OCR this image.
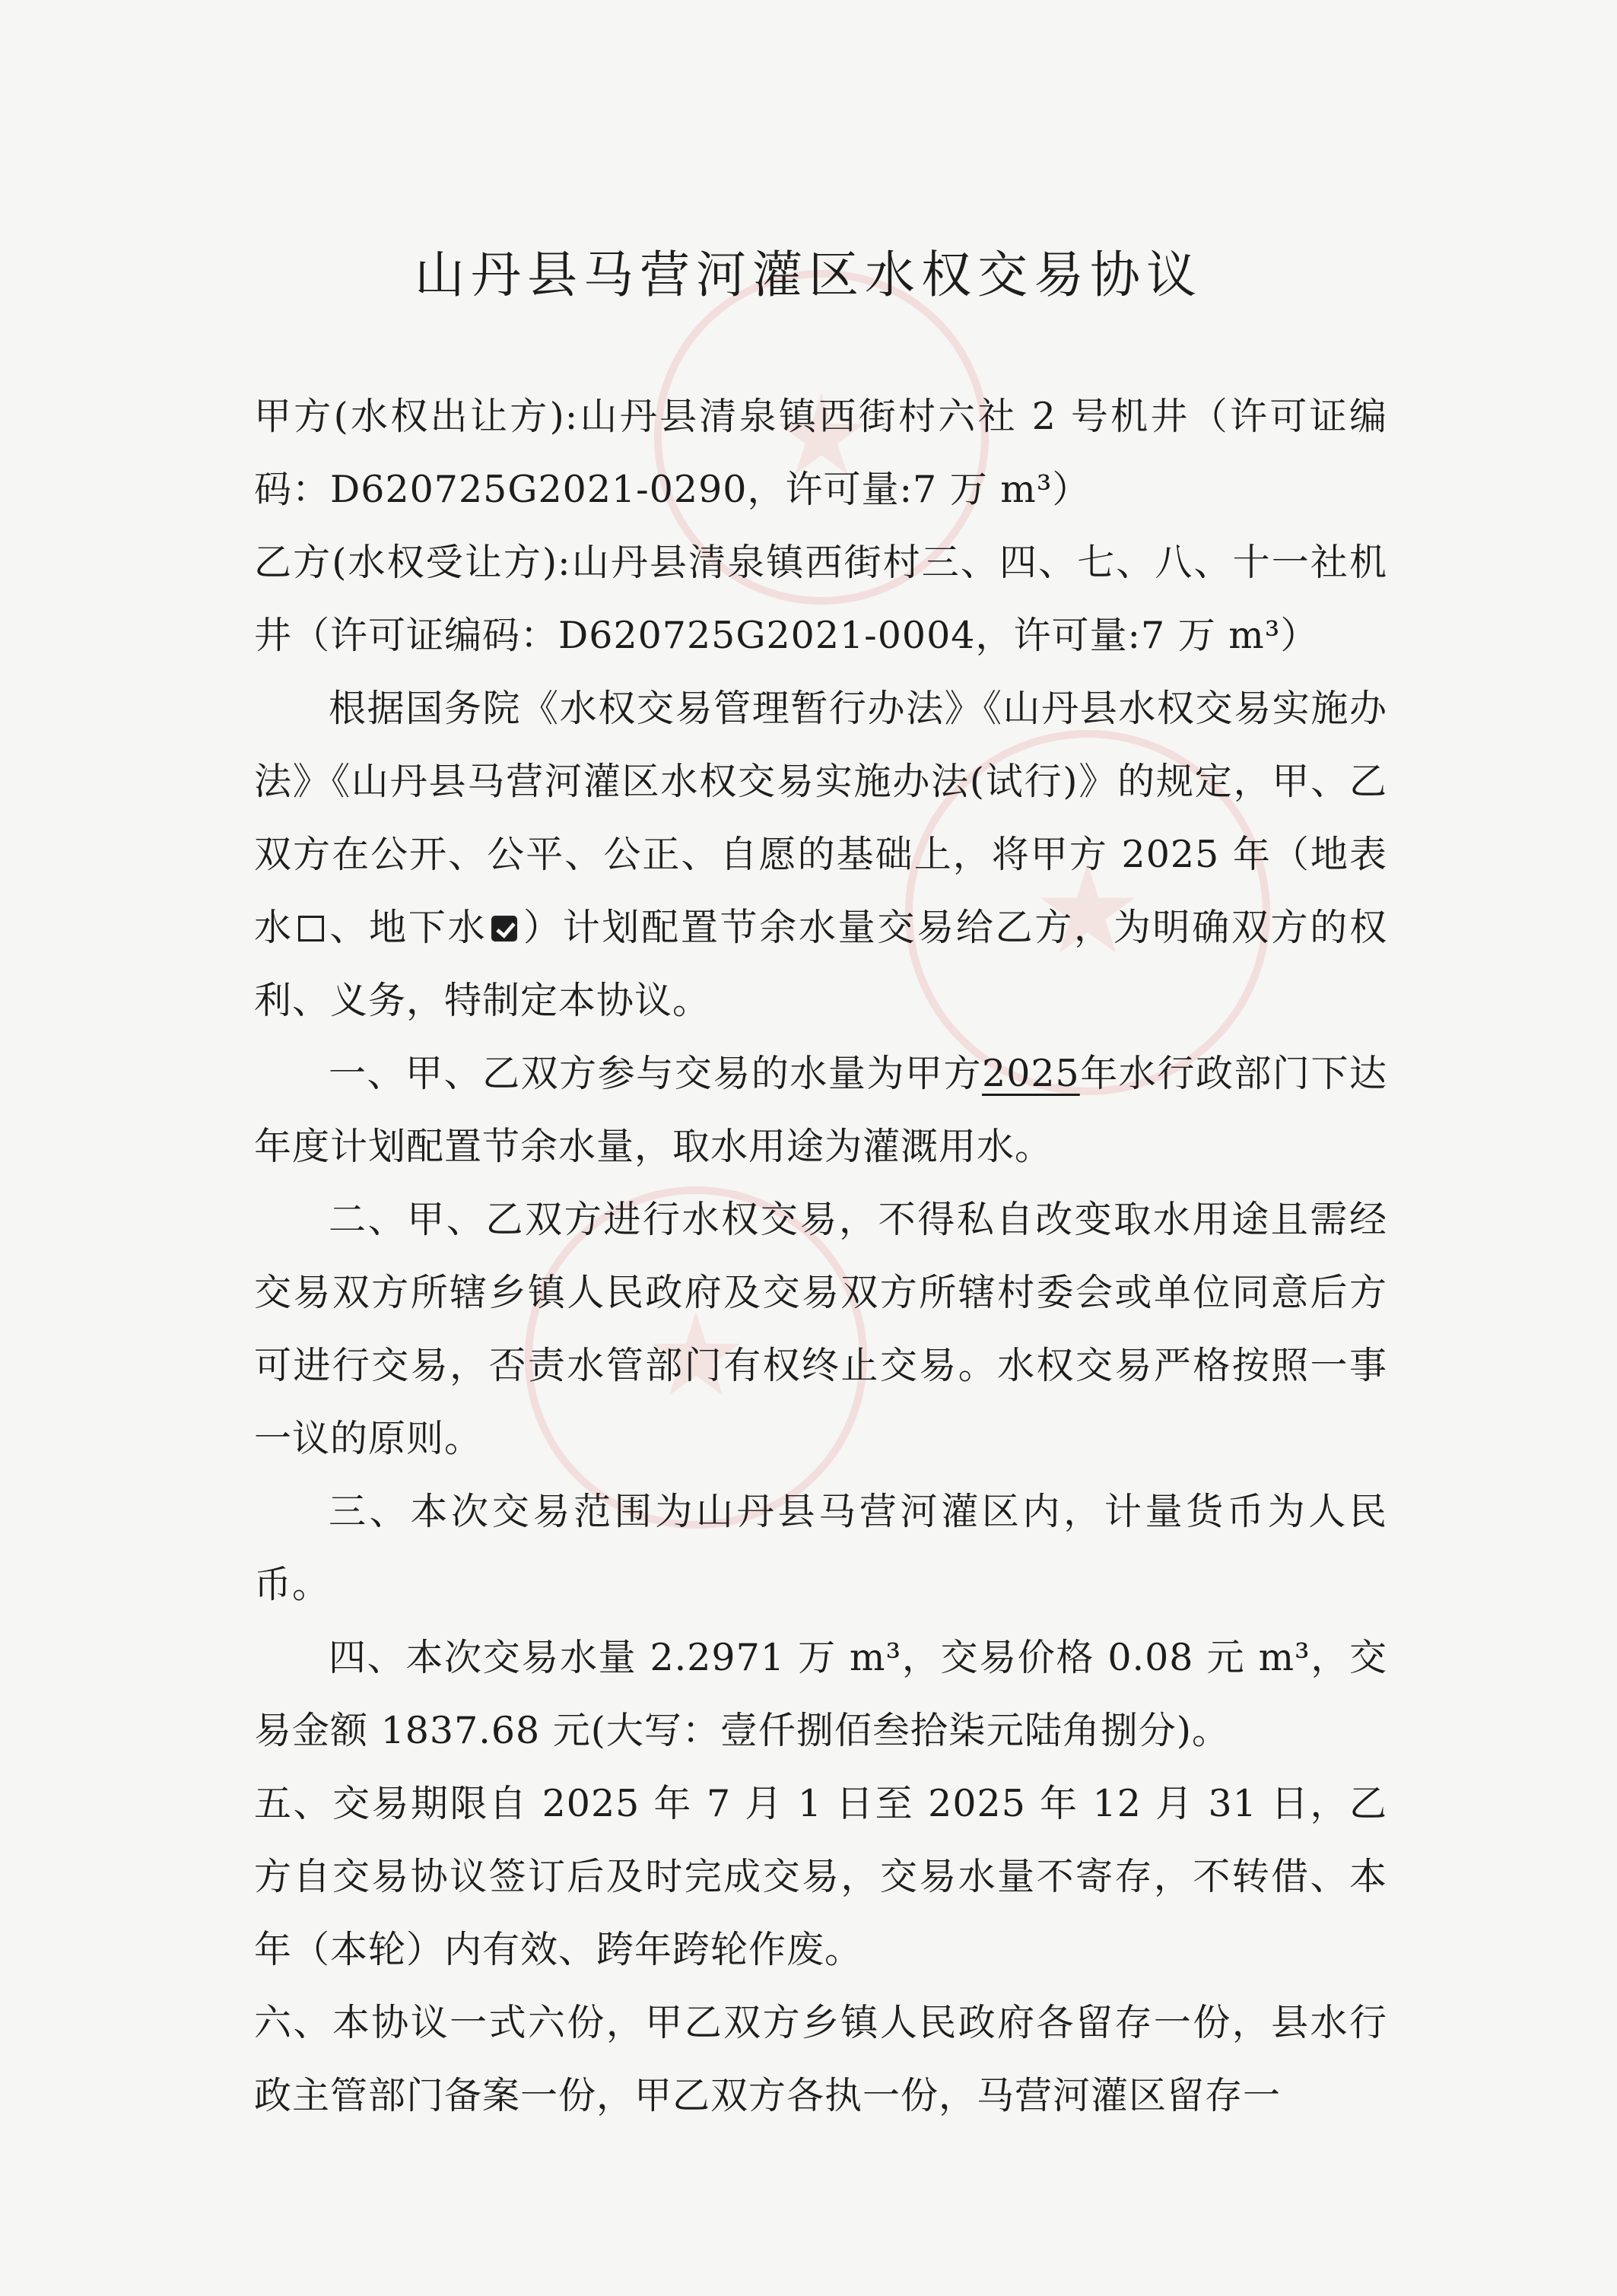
山丹县马营河灌区水权交易协议

甲方(水权出让方):山丹县清泉镇西街村六社 2 号机井（许可证编码：D620725G2021-0290，许可量:7 万 m³）

乙方(水权受让方):山丹县清泉镇西街村三、四、七、八、十一社机井（许可证编码：D620725G2021-0004，许可量:7 万 m³）

根据国务院《水权交易管理暂行办法》《山丹县水权交易实施办法》《山丹县马营河灌区水权交易实施办法(试行)》的规定，甲、乙双方在公开、公平、公正、自愿的基础上，将甲方 2025 年（地表水 、地下水 ）计划配置节余水量交易给乙方，为明确双方的权利、义务，特制定本协议。

一、甲、乙双方参与交易的水量为甲方2025年水行政部门下达年度计划配置节余水量，取水用途为灌溉用水。

二、甲、乙双方进行水权交易，不得私自改变取水用途且需经交易双方所辖乡镇人民政府及交易双方所辖村委会或单位同意后方可进行交易，否责水管部门有权终止交易。水权交易严格按照一事一议的原则。

三、本次交易范围为山丹县马营河灌区内，计量货币为人民币。

四、本次交易水量 2.2971 万 m³，交易价格 0.08 元 m³，交易金额 1837.68 元(大写：壹仟捌佰叁拾柒元陆角捌分)。

五、交易期限自 2025 年 7 月 1 日至 2025 年 12 月 31 日，乙方自交易协议签订后及时完成交易，交易水量不寄存，不转借、本年（本轮）内有效、跨年跨轮作废。

六、本协议一式六份，甲乙双方乡镇人民政府各留存一份，县水行政主管部门备案一份，甲乙双方各执一份，马营河灌区留存一
